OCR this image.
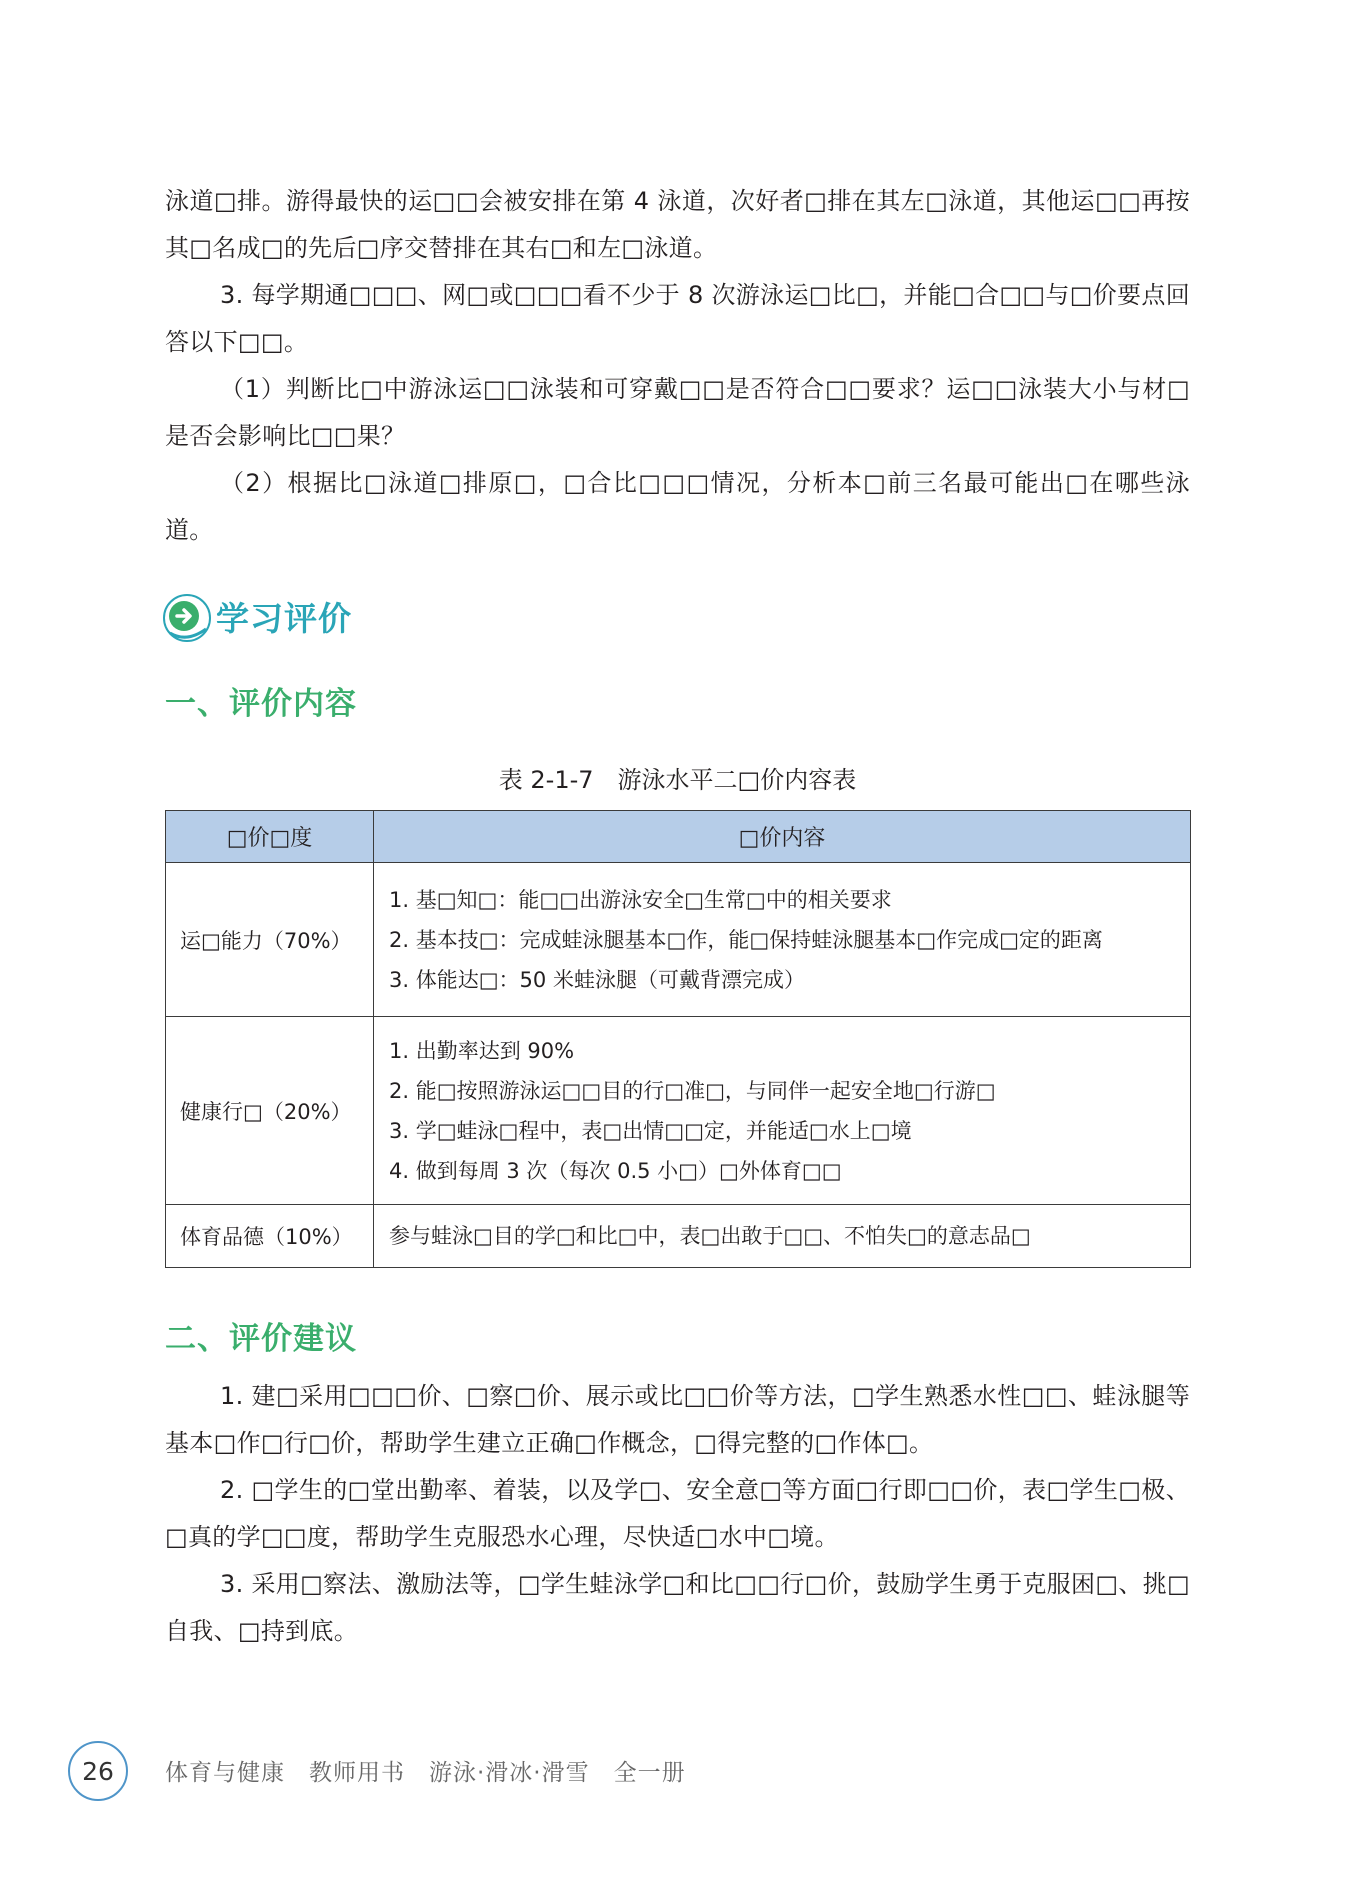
泳道□排。游得最快的运□□会被安排在第 4 泳道，次好者□排在其左□泳道，其他运□□再按其□名成□的先后□序交替排在其右□和左□泳道。

3. 每学期通□□□、网□或□□□看不少于 8 次游泳运□比□，并能□合□□与□价要点回答以下□□。

（1）判断比□中游泳运□□泳装和可穿戴□□是否符合□□要求？运□□泳装大小与材□是否会影响比□□果？

（2）根据比□泳道□排原□，□合比□□□情况，分析本□前三名最可能出□在哪些泳道。

学习评价
一、评价内容

表 2-1-7　游泳水平二□价内容表

□价□度	□价内容
运□能力（70%）	1. 基□知□：能□□出游泳安全□生常□中的相关要求
2. 基本技□：完成蛙泳腿基本□作，能□保持蛙泳腿基本□作完成□定的距离
3. 体能达□：50 米蛙泳腿（可戴背漂完成）

健康行□（20%）	1. 出勤率达到 90%
2. 能□按照游泳运□□目的行□准□，与同伴一起安全地□行游□
3. 学□蛙泳□程中，表□出情□□定，并能适□水上□境
4. 做到每周 3 次（每次 0.5 小□）□外体育□□

体育品德（10%）	参与蛙泳□目的学□和比□中，表□出敢于□□、不怕失□的意志品□
二、评价建议

1. 建□采用□□□价、□察□价、展示或比□□价等方法，□学生熟悉水性□□、蛙泳腿等基本□作□行□价，帮助学生建立正确□作概念，□得完整的□作体□。

2. □学生的□堂出勤率、着装，以及学□、安全意□等方面□行即□□价，表□学生□极、□真的学□□度，帮助学生克服恐水心理，尽快适□水中□境。

3. 采用□察法、激励法等，□学生蛙泳学□和比□□行□价，鼓励学生勇于克服困□、挑□自我、□持到底。

26	体育与健康　教师用书　游泳·滑冰·滑雪　全一册
